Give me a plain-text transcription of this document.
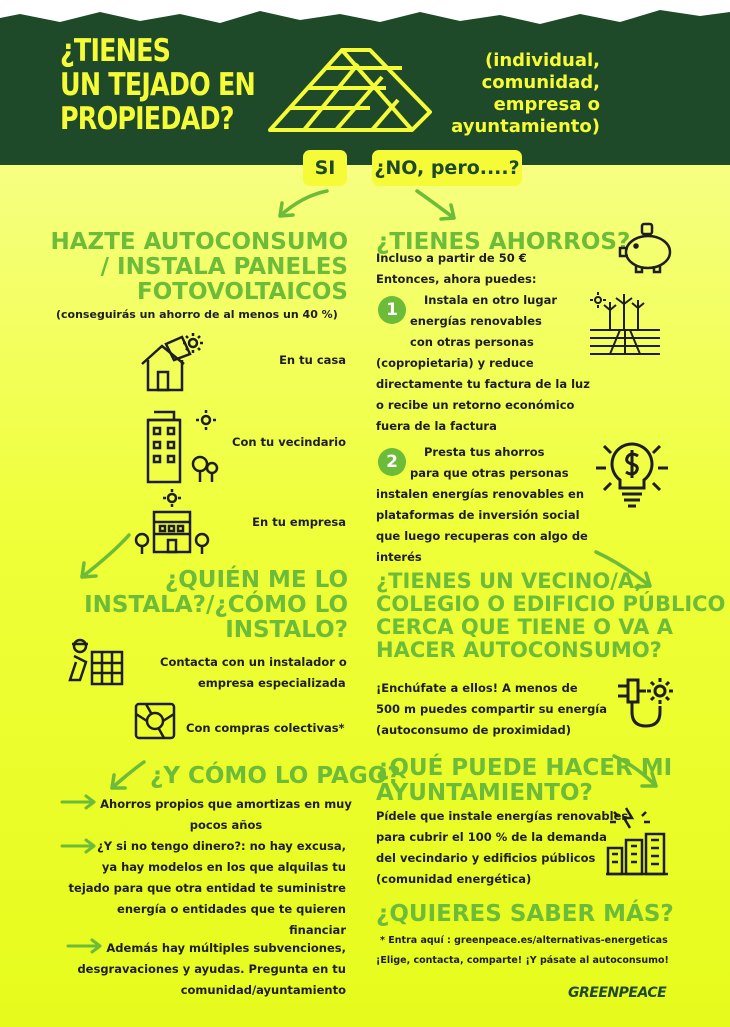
¿TIENES
UN TEJADO EN
PROPIEDAD?
(individual,
comunidad,
empresa o
ayuntamiento)
SI	¿NO, pero....?
HAZTE AUTOCONSUMO
/ INSTALA PANELES
FOTOVOLTAICOS
(conseguirás un ahorro de al menos un 40 %)
En tu casa
Con tu vecindario
En tu empresa
¿QUIÉN ME LO
INSTALA?/¿CÓMO LO
INSTALO?
Contacta con un instalador o
empresa especializada
Con compras colectivas*
¿Y CÓMO LO PAGO?
Ahorros propios que amortizas en muy
pocos años
¿Y si no tengo dinero?: no hay excusa,
ya hay modelos en los que alquilas tu
tejado para que otra entidad te suministre
energía o entidades que te quieren
financiar
Además hay múltiples subvenciones,
desgravaciones y ayudas. Pregunta en tu
comunidad/ayuntamiento
¿TIENES AHORROS?
Incluso a partir de 50 €
Entonces, ahora puedes:
1	Instala en otro lugar
energías renovables
con otras personas
(copropietaria) y reduce
directamente tu factura de la luz
o recibe un retorno económico
fuera de la factura
2	Presta tus ahorros
para que otras personas
instalen energías renovables en
plataformas de inversión social
que luego recuperas con algo de
interés
¿TIENES UN VECINO/A,
COLEGIO O EDIFICIO PÚBLICO
CERCA QUE TIENE O VA A
HACER AUTOCONSUMO?
¡Enchúfate a ellos! A menos de
500 m puedes compartir su energía
(autoconsumo de proximidad)
¿QUÉ PUEDE HACER MI
AYUNTAMIENTO?
Pídele que instale energías renovables
para cubrir el 100 % de la demanda
del vecindario y edificios públicos
(comunidad energética)
¿QUIERES SABER MÁS?
* Entra aquí : greenpeace.es/alternativas-energeticas
¡Elige, contacta, comparte! ¡Y pásate al autoconsumo!
GREENPEACE
